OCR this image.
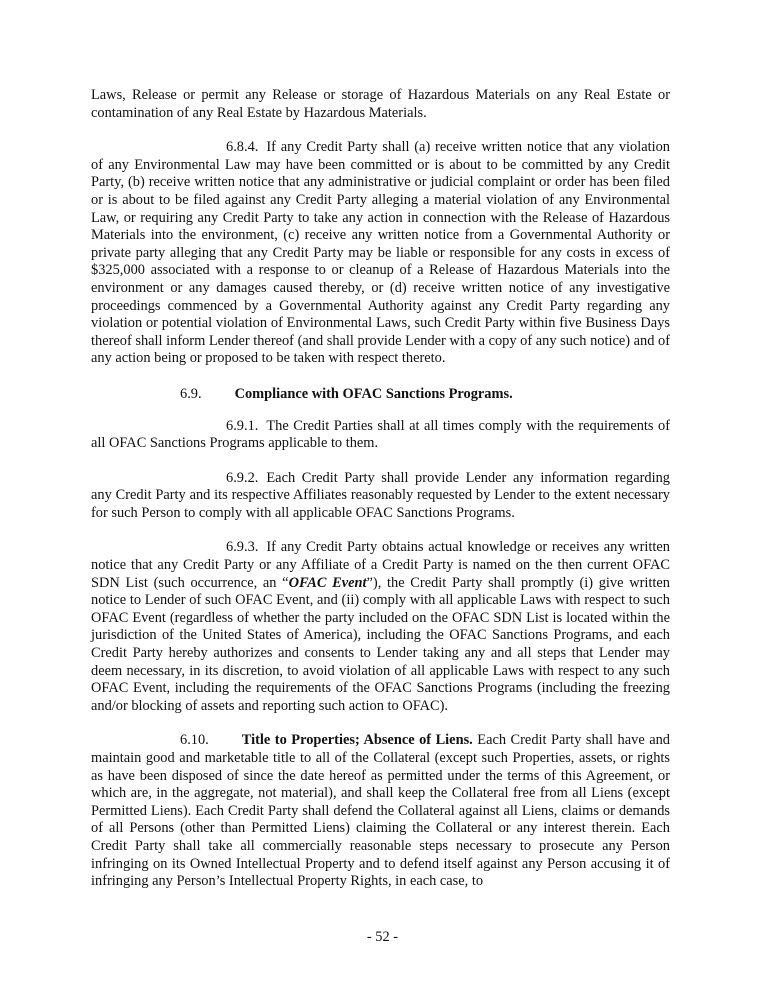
Laws, Release or permit any Release or storage of Hazardous Materials on any Real Estate or contamination of any Real Estate by Hazardous Materials.

6.8.4. If any Credit Party shall (a) receive written notice that any violation of any Environmental Law may have been committed or is about to be committed by any Credit Party, (b) receive written notice that any administrative or judicial complaint or order has been filed or is about to be filed against any Credit Party alleging a material violation of any Environmental Law, or requiring any Credit Party to take any action in connection with the Release of Hazardous Materials into the environment, (c) receive any written notice from a Governmental Authority or private party alleging that any Credit Party may be liable or responsible for any costs in excess of $325,000 associated with a response to or cleanup of a Release of Hazardous Materials into the environment or any damages caused thereby, or (d) receive written notice of any investigative proceedings commenced by a Governmental Authority against any Credit Party regarding any violation or potential violation of Environmental Laws, such Credit Party within five Business Days thereof shall inform Lender thereof (and shall provide Lender with a copy of any such notice) and of any action being or proposed to be taken with respect thereto.

6.9. Compliance with OFAC Sanctions Programs.

6.9.1. The Credit Parties shall at all times comply with the requirements of all OFAC Sanctions Programs applicable to them.

6.9.2. Each Credit Party shall provide Lender any information regarding any Credit Party and its respective Affiliates reasonably requested by Lender to the extent necessary for such Person to comply with all applicable OFAC Sanctions Programs.

6.9.3. If any Credit Party obtains actual knowledge or receives any written notice that any Credit Party or any Affiliate of a Credit Party is named on the then current OFAC SDN List (such occurrence, an “OFAC Event”), the Credit Party shall promptly (i) give written notice to Lender of such OFAC Event, and (ii) comply with all applicable Laws with respect to such OFAC Event (regardless of whether the party included on the OFAC SDN List is located within the jurisdiction of the United States of America), including the OFAC Sanctions Programs, and each Credit Party hereby authorizes and consents to Lender taking any and all steps that Lender may deem necessary, in its discretion, to avoid violation of all applicable Laws with respect to any such OFAC Event, including the requirements of the OFAC Sanctions Programs (including the freezing and/or blocking of assets and reporting such action to OFAC).

6.10. Title to Properties; Absence of Liens. Each Credit Party shall have and maintain good and marketable title to all of the Collateral (except such Properties, assets, or rights as have been disposed of since the date hereof as permitted under the terms of this Agreement, or which are, in the aggregate, not material), and shall keep the Collateral free from all Liens (except Permitted Liens). Each Credit Party shall defend the Collateral against all Liens, claims or demands of all Persons (other than Permitted Liens) claiming the Collateral or any interest therein. Each Credit Party shall take all commercially reasonable steps necessary to prosecute any Person infringing on its Owned Intellectual Property and to defend itself against any Person accusing it of infringing any Person’s Intellectual Property Rights, in each case, to

- 52 -
